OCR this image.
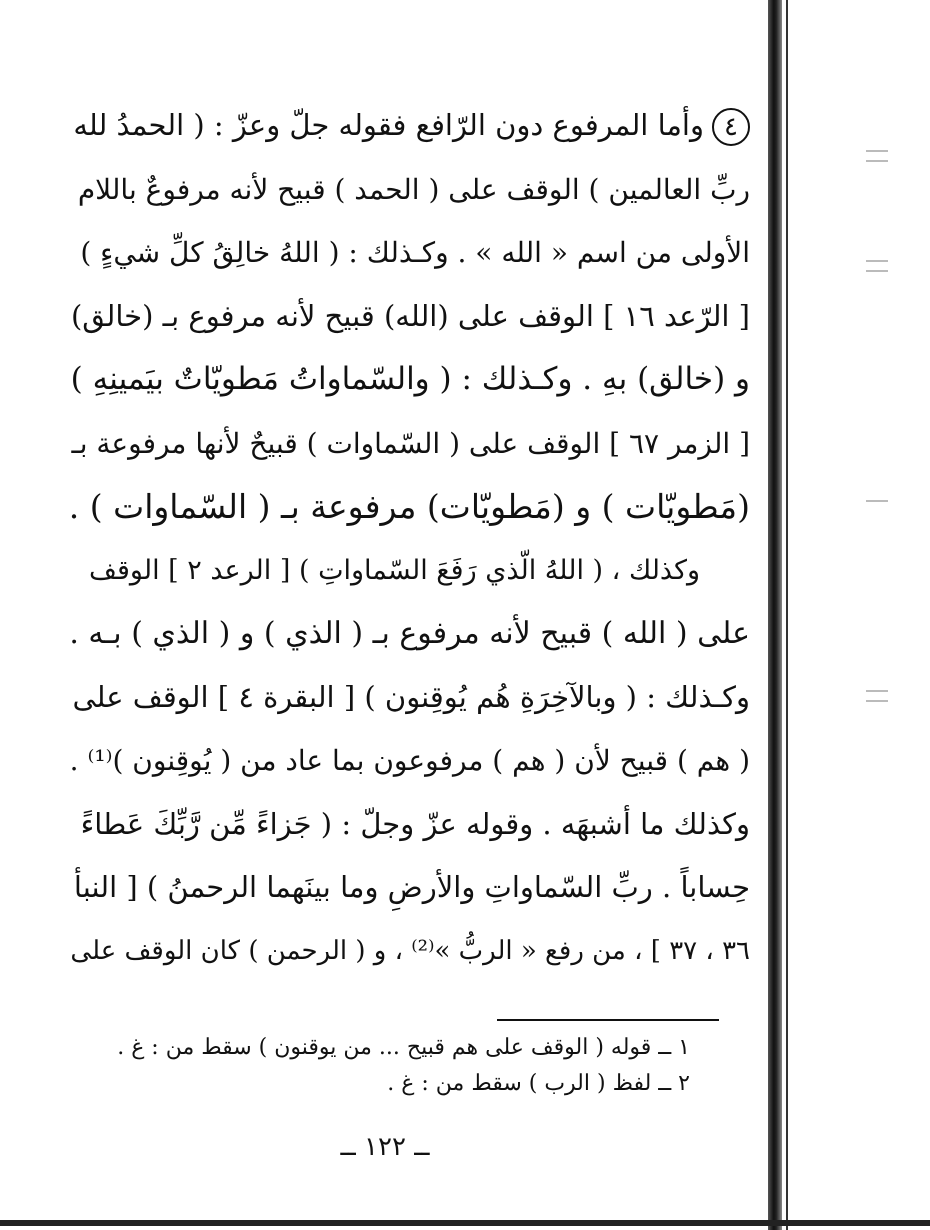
٤وأما المرفوع دون الرّافع فقوله جلّ وعزّ : ( الحمدُ لله
ربِّ العالمين ) الوقف على ( الحمد ) قبيح لأنه مرفوعٌ باللام
الأولى من اسم « الله » . وكـذلك : ( اللهُ خالِقُ كلِّ شيءٍ )
[ الرّعد ١٦ ] الوقف على (الله) قبيح لأنه مرفوع بـ (خالق)
و (خالق) بهِ . وكـذلك : ( والسّماواتُ مَطويّاتٌ بيَمينِهِ )
[ الزمر ٦٧ ] الوقف على ( السّماوات ) قبيحٌ لأنها مرفوعة بـ
(مَطويّات ) و (مَطويّات) مرفوعة بـ ( السّماوات ) .
وكذلك ، ( اللهُ الّذي رَفَعَ السّماواتِ ) [ الرعد ٢ ] الوقف
على ( الله ) قبيح لأنه مرفوع بـ ( الذي ) و ( الذي ) بـه .
وكـذلك : ( وبالآخِرَةِ هُم يُوقِنون ) [ البقرة ٤ ] الوقف على
( هم ) قبيح لأن ( هم ) مرفوعون بما عاد من ( يُوقِنون )⁽¹⁾ .
وكذلك ما أشبهَه . وقوله عزّ وجلّ : ( جَزاءً مِّن رَّبِّكَ عَطاءً
حِساباً . ربِّ السّماواتِ والأرضِ وما بينَهما الرحمنُ ) [ النبأ
٣٦ ، ٣٧ ] ، من رفع « الربُّ »⁽²⁾ ، و ( الرحمن ) كان الوقف على
١ ــ قوله ( الوقف على هم قبيح ... من يوقنون ) سقط من : غ .
٢ ــ لفظ ( الرب ) سقط من : غ .
ــ ١٢٢ ــ
